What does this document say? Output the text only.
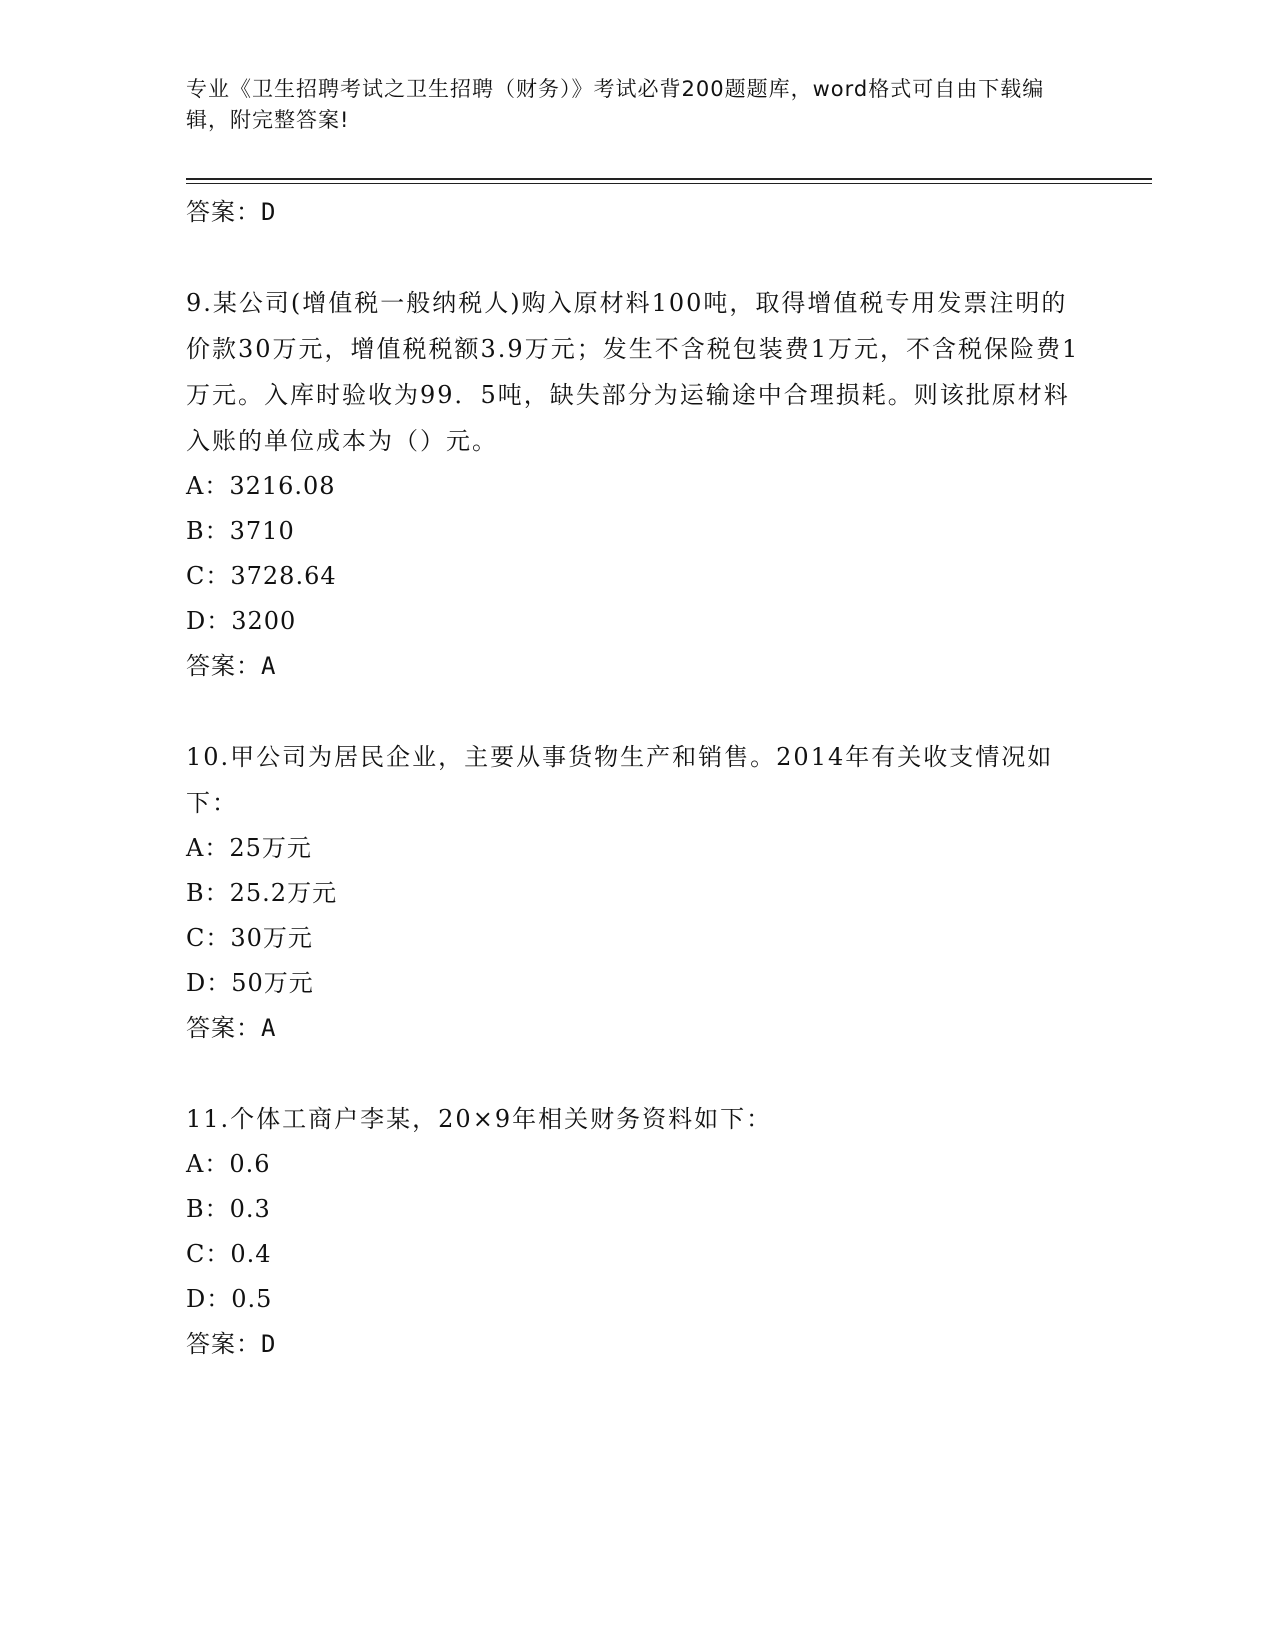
专业《卫生招聘考试之卫生招聘（财务）》考试必背200题题库，word格式可自由下载编辑，附完整答案!
答案：D
9.某公司(增值税一般纳税人)购入原材料100吨，取得增值税专用发票注明的价款30万元，增值税税额3.9万元；发生不含税包装费1万元，不含税保险费1万元。入库时验收为99．5吨，缺失部分为运输途中合理损耗。则该批原材料入账的单位成本为（）元。
A：3216.08
B：3710
C：3728.64
D：3200
答案：A
10.甲公司为居民企业，主要从事货物生产和销售。2014年有关收支情况如下：
A：25万元
B：25.2万元
C：30万元
D：50万元
答案：A
11.个体工商户李某，20×9年相关财务资料如下：
A：0.6
B：0.3
C：0.4
D：0.5
答案：D
